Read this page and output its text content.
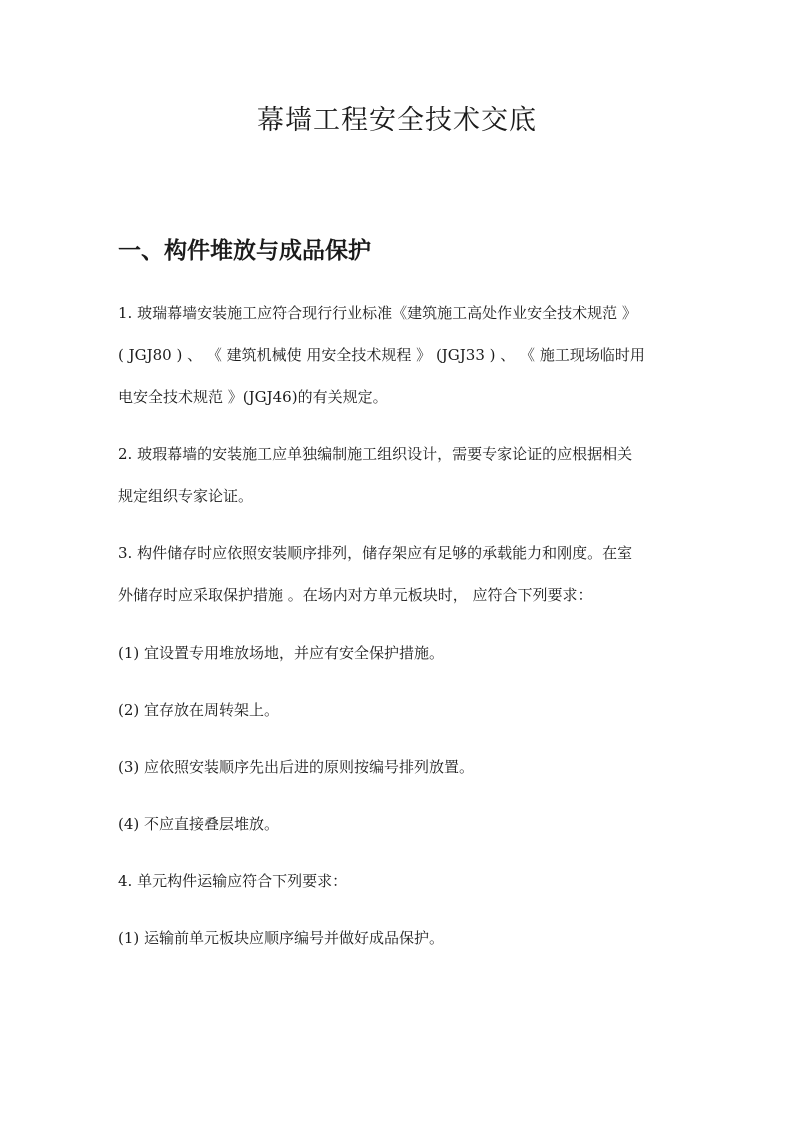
幕墙工程安全技术交底
一、构件堆放与成品保护

1. 玻瑞幕墙安装施工应符合现行行业标准《建筑施工高处作业安全技术规范 》
( JGJ80 ) 、 《 建筑机械使 用安全技术规程 》 (JGJ33 ) 、 《 施工现场临时用
电安全技术规范 》(JGJ46)的有关规定。

2. 玻瑕幕墙的安装施工应单独编制施工组织设计，需要专家论证的应根据相关
规定组织专家论证。

3. 构件储存时应依照安装顺序排列，储存架应有足够的承载能力和刚度。在室
外储存时应采取保护措施 。在场内对方单元板块时， 应符合下列要求：

(1) 宜设置专用堆放场地，并应有安全保护措施。

(2) 宜存放在周转架上。

(3) 应依照安装顺序先出后进的原则按编号排列放置。

(4) 不应直接叠层堆放。

4. 单元构件运输应符合下列要求：

(1) 运输前单元板块应顺序编号并做好成品保护。
